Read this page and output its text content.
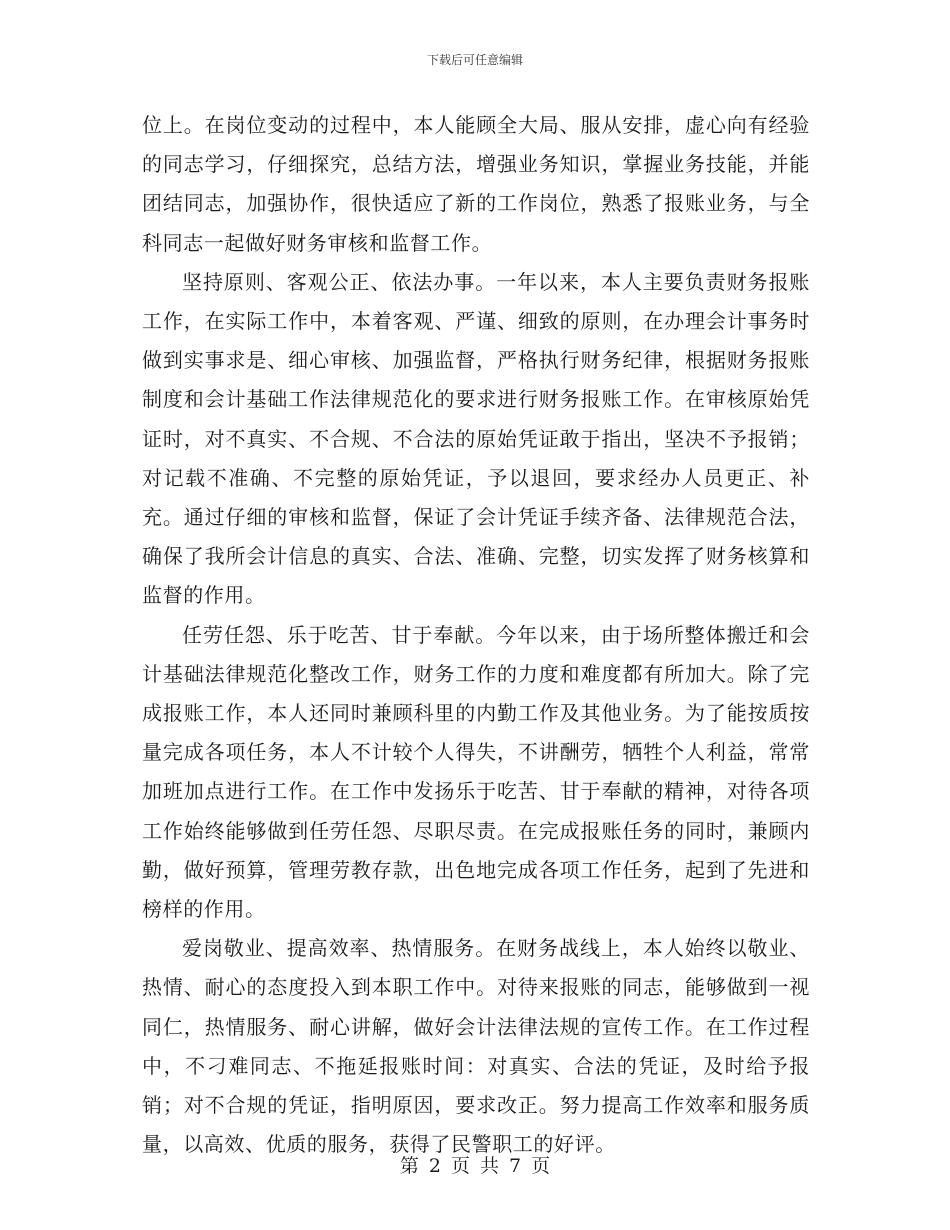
下载后可任意编辑

位上。在岗位变动的过程中，本人能顾全大局、服从安排，虚心向有经验的同志学习，仔细探究，总结方法，增强业务知识，掌握业务技能，并能团结同志，加强协作，很快适应了新的工作岗位，熟悉了报账业务，与全科同志一起做好财务审核和监督工作。

坚持原则、客观公正、依法办事。一年以来，本人主要负责财务报账工作，在实际工作中，本着客观、严谨、细致的原则，在办理会计事务时做到实事求是、细心审核、加强监督，严格执行财务纪律，根据财务报账制度和会计基础工作法律规范化的要求进行财务报账工作。在审核原始凭证时，对不真实、不合规、不合法的原始凭证敢于指出，坚决不予报销；对记载不准确、不完整的原始凭证，予以退回，要求经办人员更正、补充。通过仔细的审核和监督，保证了会计凭证手续齐备、法律规范合法，确保了我所会计信息的真实、合法、准确、完整，切实发挥了财务核算和监督的作用。

任劳任怨、乐于吃苦、甘于奉献。今年以来，由于场所整体搬迁和会计基础法律规范化整改工作，财务工作的力度和难度都有所加大。除了完成报账工作，本人还同时兼顾科里的内勤工作及其他业务。为了能按质按量完成各项任务，本人不计较个人得失，不讲酬劳，牺牲个人利益，常常加班加点进行工作。在工作中发扬乐于吃苦、甘于奉献的精神，对待各项工作始终能够做到任劳任怨、尽职尽责。在完成报账任务的同时，兼顾内勤，做好预算，管理劳教存款，出色地完成各项工作任务，起到了先进和榜样的作用。

爱岗敬业、提高效率、热情服务。在财务战线上，本人始终以敬业、热情、耐心的态度投入到本职工作中。对待来报账的同志，能够做到一视同仁，热情服务、耐心讲解，做好会计法律法规的宣传工作。在工作过程中，不刁难同志、不拖延报账时间：对真实、合法的凭证，及时给予报销；对不合规的凭证，指明原因，要求改正。努力提高工作效率和服务质量，以高效、优质的服务，获得了民警职工的好评。

第 2 页 共 7 页
